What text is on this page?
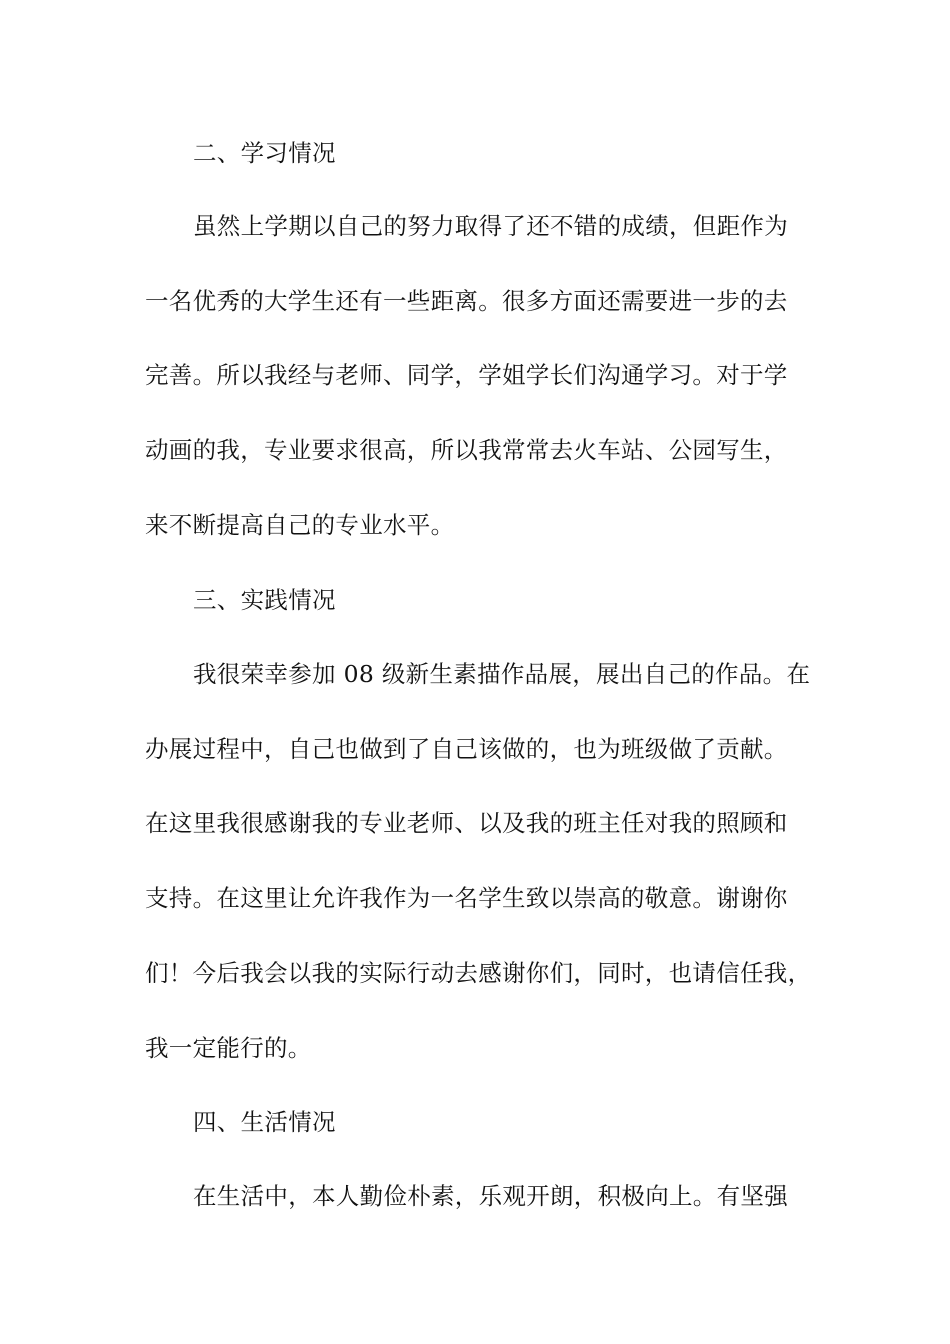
二、学习情况
虽然上学期以自己的努力取得了还不错的成绩，但距作为
一名优秀的大学生还有一些距离。很多方面还需要进一步的去
完善。所以我经与老师、同学，学姐学长们沟通学习。对于学
动画的我，专业要求很高，所以我常常去火车站、公园写生，
来不断提高自己的专业水平。
三、实践情况
我很荣幸参加 08 级新生素描作品展，展出自己的作品。在
办展过程中，自己也做到了自己该做的，也为班级做了贡献。
在这里我很感谢我的专业老师、以及我的班主任对我的照顾和
支持。在这里让允许我作为一名学生致以崇高的敬意。谢谢你
们！今后我会以我的实际行动去感谢你们，同时，也请信任我，
我一定能行的。
四、生活情况
在生活中，本人勤俭朴素，乐观开朗，积极向上。有坚强
